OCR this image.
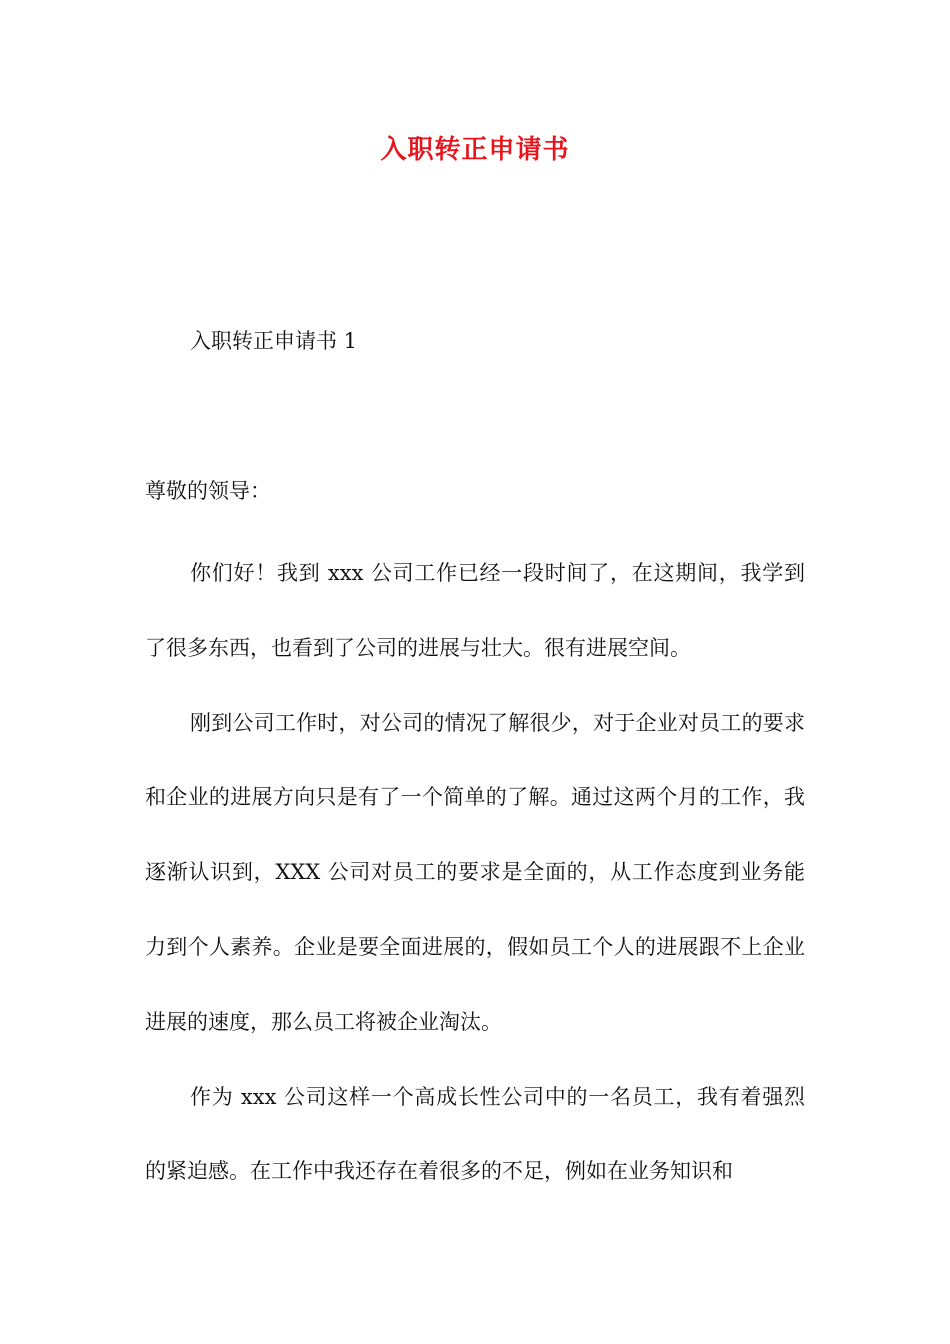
入职转正申请书
入职转正申请书 1
尊敬的领导：

你们好！我到 xxx 公司工作已经一段时间了，在这期间，我学到了很多东西，也看到了公司的进展与壮大。很有进展空间。

刚到公司工作时，对公司的情况了解很少，对于企业对员工的要求和企业的进展方向只是有了一个简单的了解。通过这两个月的工作，我逐渐认识到，XXX 公司对员工的要求是全面的，从工作态度到业务能力到个人素养。企业是要全面进展的，假如员工个人的进展跟不上企业进展的速度，那么员工将被企业淘汰。

作为 xxx 公司这样一个高成长性公司中的一名员工，我有着强烈的紧迫感。在工作中我还存在着很多的不足，例如在业务知识和
